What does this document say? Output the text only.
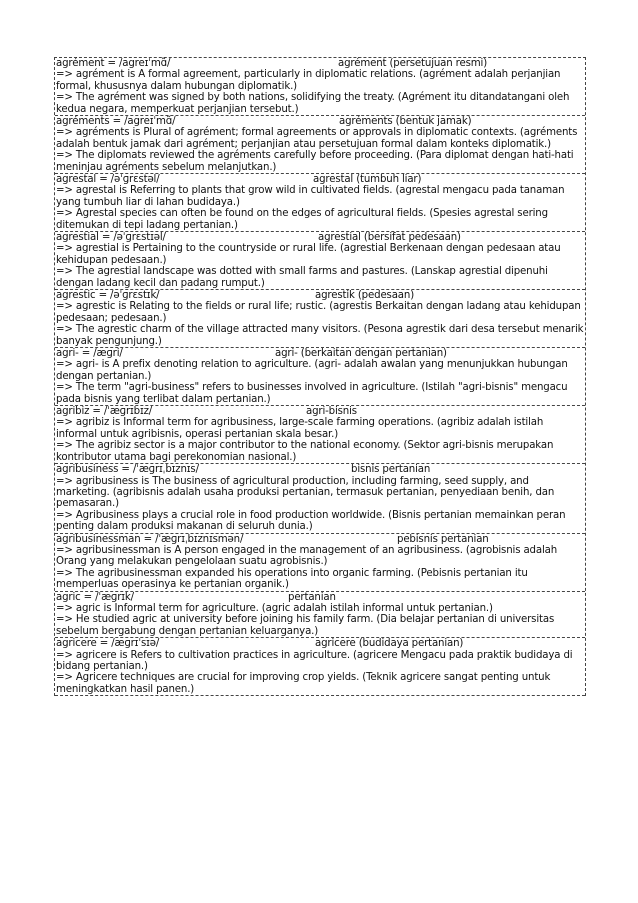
agrément = /agreɪˈmɑ̃/	agrément (persetujuan resmi)
=> agrément is A formal agreement, particularly in diplomatic relations. (agrément adalah perjanjian formal, khususnya dalam hubungan diplomatik.)
=> The agrément was signed by both nations, solidifying the treaty. (Agrément itu ditandatangani oleh kedua negara, memperkuat perjanjian tersebut.)
agréments = /agreɪˈmɑ̃/	agréments (bentuk jamak)
=> agréments is Plural of agrément; formal agreements or approvals in diplomatic contexts. (agréments adalah bentuk jamak dari agrément; perjanjian atau persetujuan formal dalam konteks diplomatik.)
=> The diplomats reviewed the agréments carefully before proceeding. (Para diplomat dengan hati-hati meninjau agréments sebelum melanjutkan.)
agrestal = /əˈɡrɛstəl/	agrestal (tumbuh liar)
=> agrestal is Referring to plants that grow wild in cultivated fields. (agrestal mengacu pada tanaman yang tumbuh liar di lahan budidaya.)
=> Agrestal species can often be found on the edges of agricultural fields. (Spesies agrestal sering ditemukan di tepi ladang pertanian.)
agrestial = /əˈɡrɛstɪəl/	agrestial (bersifat pedesaan)
=> agrestial is Pertaining to the countryside or rural life. (agrestial Berkenaan dengan pedesaan atau kehidupan pedesaan.)
=> The agrestial landscape was dotted with small farms and pastures. (Lanskap agrestial dipenuhi dengan ladang kecil dan padang rumput.)
agrestic = /əˈɡrɛstɪk/	agrestik (pedesaan)
=> agrestic is Relating to the fields or rural life; rustic. (agrestis Berkaitan dengan ladang atau kehidupan pedesaan; pedesaan.)
=> The agrestic charm of the village attracted many visitors. (Pesona agrestik dari desa tersebut menarik banyak pengunjung.)
agri- = /æɡri/	agri- (berkaitan dengan pertanian)
=> agri- is A prefix denoting relation to agriculture. (agri- adalah awalan yang menunjukkan hubungan dengan pertanian.)
=> The term "agri-business" refers to businesses involved in agriculture. (Istilah "agri-bisnis" mengacu pada bisnis yang terlibat dalam pertanian.)
agribiz = /ˈæɡrɪbɪz/	agri-bisnis
=> agribiz is Informal term for agribusiness, large-scale farming operations. (agribiz adalah istilah informal untuk agribisnis, operasi pertanian skala besar.)
=> The agribiz sector is a major contributor to the national economy. (Sektor agri-bisnis merupakan kontributor utama bagi perekonomian nasional.)
agribusiness = /ˈæɡrɪˌbɪznɪs/	bisnis pertanian
=> agribusiness is The business of agricultural production, including farming, seed supply, and marketing. (agribisnis adalah usaha produksi pertanian, termasuk pertanian, penyediaan benih, dan pemasaran.)
=> Agribusiness plays a crucial role in food production worldwide. (Bisnis pertanian memainkan peran penting dalam produksi makanan di seluruh dunia.)
agribusinessman = /ˈæɡrɪˌbɪznɪsmən/	pebisnis pertanian
=> agribusinessman is A person engaged in the management of an agribusiness. (agrobisnis adalah Orang yang melakukan pengelolaan suatu agrobisnis.)
=> The agribusinessman expanded his operations into organic farming. (Pebisnis pertanian itu memperluas operasinya ke pertanian organik.)
agric = /ˈæɡrɪk/	pertanian
=> agric is Informal term for agriculture. (agric adalah istilah informal untuk pertanian.)
=> He studied agric at university before joining his family farm. (Dia belajar pertanian di universitas sebelum bergabung dengan pertanian keluarganya.)
agricere = /æɡrɪˈsɪə/	agricere (budidaya pertanian)
=> agricere is Refers to cultivation practices in agriculture. (agricere Mengacu pada praktik budidaya di bidang pertanian.)
=> Agricere techniques are crucial for improving crop yields. (Teknik agricere sangat penting untuk meningkatkan hasil panen.)
